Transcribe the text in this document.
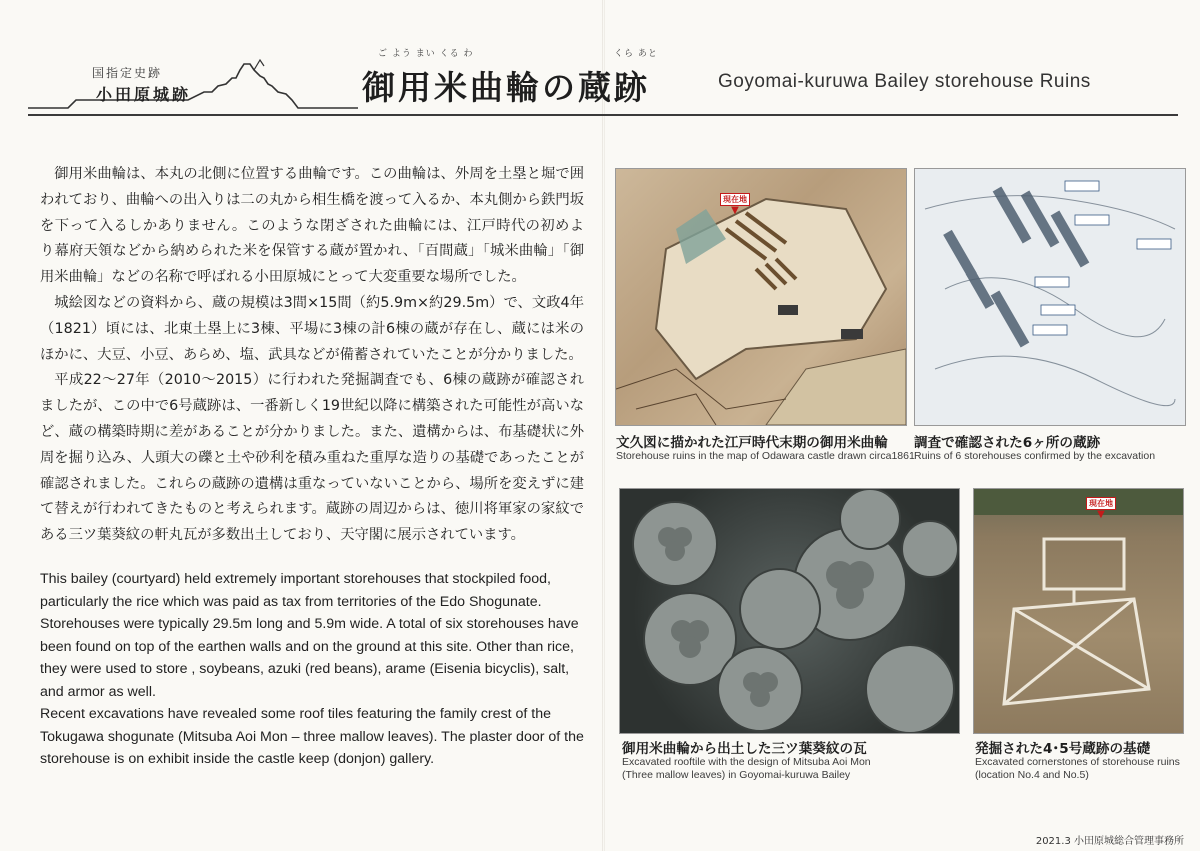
国指定史跡
小田原城跡
ご よう まい くる わ	くら あと
御用米曲輪の蔵跡	Goyomai-kuruwa Bailey storehouse Ruins

御用米曲輪は、本丸の北側に位置する曲輪です。この曲輪は、外周を土塁と堀で囲われており、曲輪への出入りは二の丸から相生橋を渡って入るか、本丸側から鉄門坂を下って入るしかありません。このような閉ざされた曲輪には、江戸時代の初めより幕府天領などから納められた米を保管する蔵が置かれ、「百間蔵」「城米曲輪」「御用米曲輪」などの名称で呼ばれる小田原城にとって大変重要な場所でした。

城絵図などの資料から、蔵の規模は3間×15間（約5.9m×約29.5m）で、文政4年（1821）頃には、北東土塁上に3棟、平場に3棟の計6棟の蔵が存在し、蔵には米のほかに、大豆、小豆、あらめ、塩、武具などが備蓄されていたことが分かりました。

平成22〜27年（2010〜2015）に行われた発掘調査でも、6棟の蔵跡が確認されましたが、この中で6号蔵跡は、一番新しく19世紀以降に構築された可能性が高いなど、蔵の構築時期に差があることが分かりました。また、遺構からは、布基礎状に外周を掘り込み、人頭大の礫と土や砂利を積み重ねた重厚な造りの基礎であったことが確認されました。これらの蔵跡の遺構は重なっていないことから、場所を変えずに建て替えが行われてきたものと考えられます。蔵跡の周辺からは、徳川将軍家の家紋である三ツ葉葵紋の軒丸瓦が多数出土しており、天守閣に展示されています。

This bailey (courtyard) held extremely important storehouses that stockpiled food, particularly the rice which was paid as tax from territories of the Edo Shogunate. Storehouses were typically 29.5m long and 5.9m wide. A total of six storehouses have been found on top of the earthen walls and on the ground at this site. Other than rice, they were used to store , soybeans, azuki (red beans), arame (Eisenia bicyclis), salt, and armor as well.

Recent excavations have revealed some roof tiles featuring the family crest of the Tokugawa shogunate (Mitsuba Aoi Mon – three mallow leaves). The plaster door of the storehouse is on exhibit inside the castle keep (donjon) gallery.

現在地
▼
文久図に描かれた江戸時代末期の御用米曲輪
Storehouse ruins in the map of Odawara castle drawn circa1861
調査で確認された6ヶ所の蔵跡
Ruins of 6 storehouses confirmed by the excavation
御用米曲輪から出土した三ツ葉葵紋の瓦
Excavated rooftile with the design of Mitsuba Aoi Mon
(Three mallow leaves) in Goyomai-kuruwa Bailey
現在地
▼
発掘された4･5号蔵跡の基礎
Excavated cornerstones of storehouse ruins
(location No.4 and No.5)
2021.3 小田原城総合管理事務所
